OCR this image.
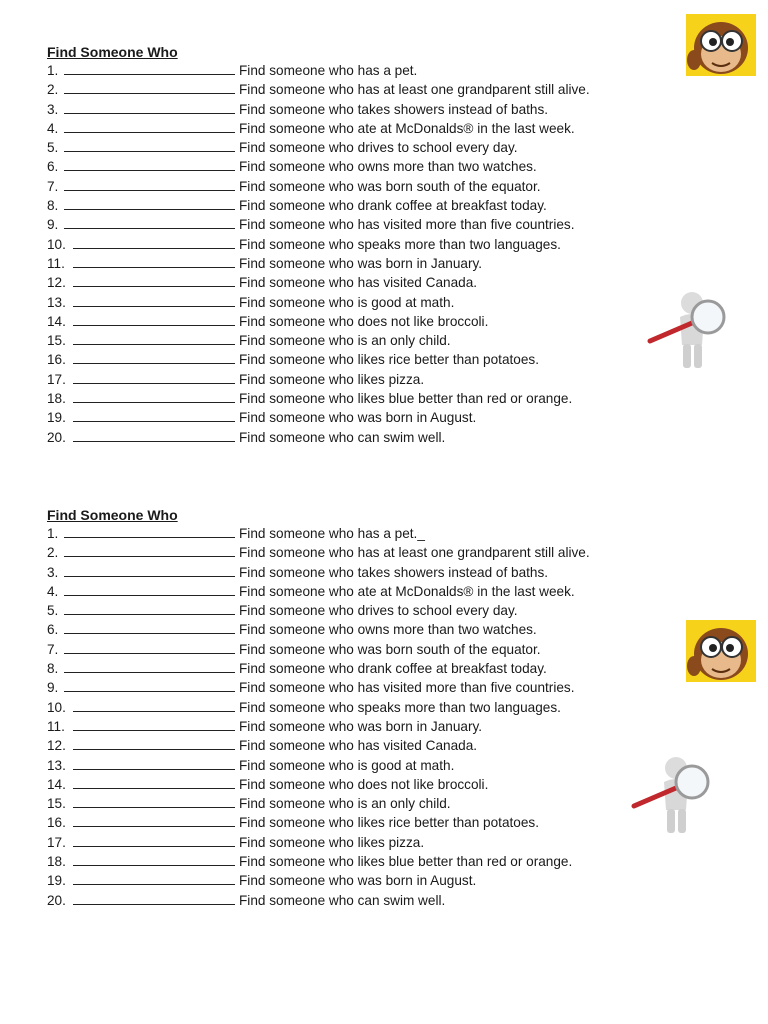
Find Someone Who
1.	Find someone who has a pet.
2.	Find someone who has at least one grandparent still alive.
3.	Find someone who takes showers instead of baths.
4.	Find someone who ate at McDonalds® in the last week.
5.	Find someone who drives to school every day.
6.	Find someone who owns more than two watches.
7.	Find someone who was born south of the equator.
8.	Find someone who drank coffee at breakfast today.
9.	Find someone who has visited more than five countries.
10.	Find someone who speaks more than two languages.
11.	Find someone who was born in January.
12.	Find someone who has visited Canada.
13.	Find someone who is good at math.
14.	Find someone who does not like broccoli.
15.	Find someone who is an only child.
16.	Find someone who likes rice better than potatoes.
17.	Find someone who likes pizza.
18.	Find someone who likes blue better than red or orange.
19.	Find someone who was born in August.
20.	Find someone who can swim well.
Find Someone Who
1.	Find someone who has a pet._
2.	Find someone who has at least one grandparent still alive.
3.	Find someone who takes showers instead of baths.
4.	Find someone who ate at McDonalds® in the last week.
5.	Find someone who drives to school every day.
6.	Find someone who owns more than two watches.
7.	Find someone who was born south of the equator.
8.	Find someone who drank coffee at breakfast today.
9.	Find someone who has visited more than five countries.
10.	Find someone who speaks more than two languages.
11.	Find someone who was born in January.
12.	Find someone who has visited Canada.
13.	Find someone who is good at math.
14.	Find someone who does not like broccoli.
15.	Find someone who is an only child.
16.	Find someone who likes rice better than potatoes.
17.	Find someone who likes pizza.
18.	Find someone who likes blue better than red or orange.
19.	Find someone who was born in August.
20.	Find someone who can swim well.
